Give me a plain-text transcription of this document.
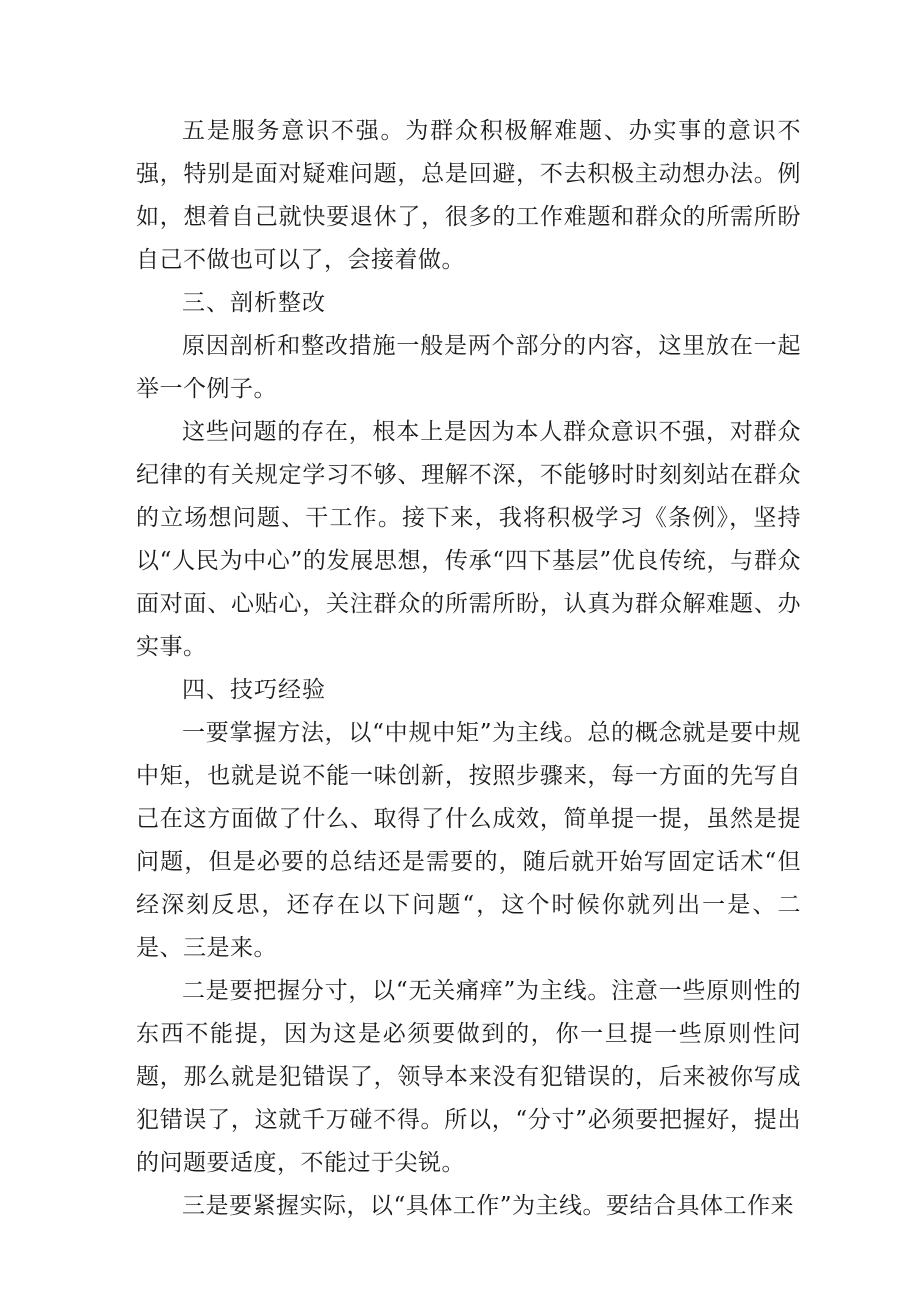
五是服务意识不强。为群众积极解难题、办实事的意识不强，特别是面对疑难问题，总是回避，不去积极主动想办法。例如，想着自己就快要退休了，很多的工作难题和群众的所需所盼自己不做也可以了，会接着做。

三、剖析整改

原因剖析和整改措施一般是两个部分的内容，这里放在一起举一个例子。

这些问题的存在，根本上是因为本人群众意识不强，对群众纪律的有关规定学习不够、理解不深，不能够时时刻刻站在群众的立场想问题、干工作。接下来，我将积极学习《条例》，坚持以“人民为中心”的发展思想，传承“四下基层”优良传统，与群众面对面、心贴心，关注群众的所需所盼，认真为群众解难题、办实事。

四、技巧经验

一要掌握方法，以“中规中矩”为主线。总的概念就是要中规中矩，也就是说不能一味创新，按照步骤来，每一方面的先写自己在这方面做了什么、取得了什么成效，简单提一提，虽然是提问题，但是必要的总结还是需要的，随后就开始写固定话术“但经深刻反思，还存在以下问题“，这个时候你就列出一是、二是、三是来。

二是要把握分寸，以“无关痛痒”为主线。注意一些原则性的东西不能提，因为这是必须要做到的，你一旦提一些原则性问题，那么就是犯错误了，领导本来没有犯错误的，后来被你写成犯错误了，这就千万碰不得。所以，“分寸”必须要把握好，提出的问题要适度，不能过于尖锐。

三是要紧握实际，以“具体工作”为主线。要结合具体工作来
